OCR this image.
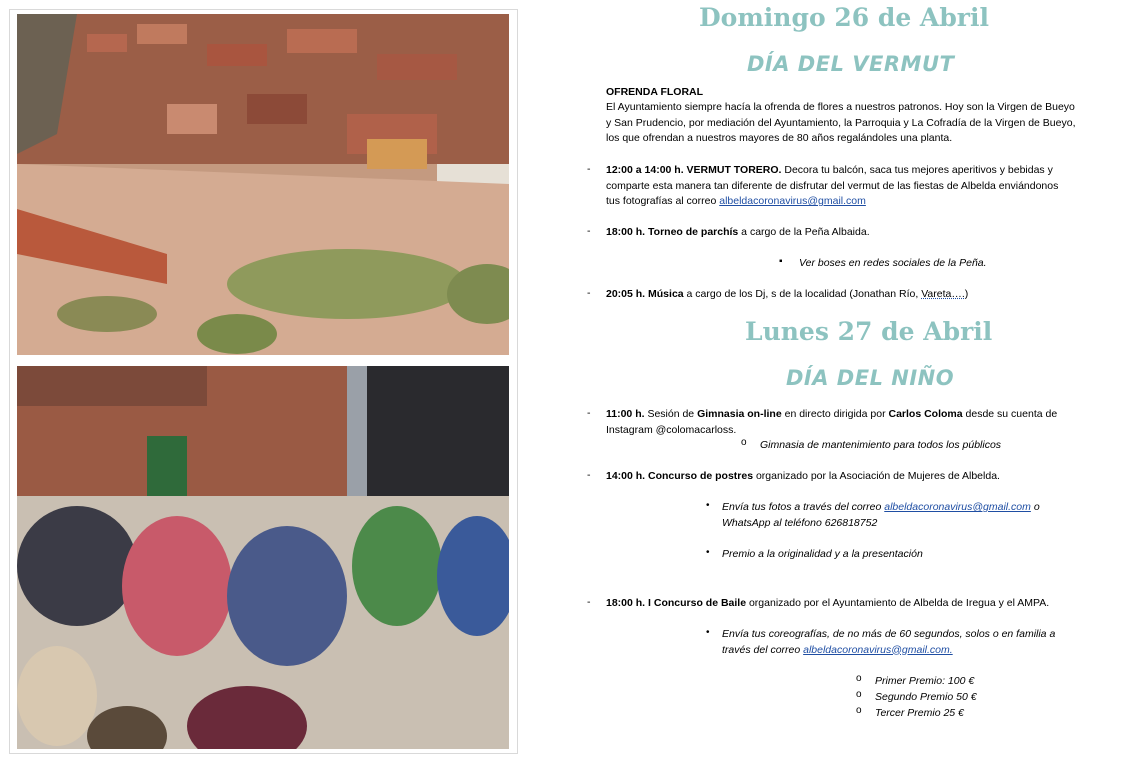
Domingo 26 de Abril
DÍA DEL VERMUT
OFRENDA FLORAL
El Ayuntamiento siempre hacía la ofrenda de flores a nuestros patronos. Hoy son la Virgen de Bueyo
y San Prudencio, por mediación del Ayuntamiento, la Parroquia y La Cofradía de la Virgen de Bueyo,
los que ofrendan a nuestros mayores de 80 años regalándoles una planta.
- 12:00 a 14:00 h. VERMUT TORERO. Decora tu balcón, saca tus mejores aperitivos y bebidas y
comparte esta manera tan diferente de disfrutar del vermut de las fiestas de Albelda enviándonos
tus fotografías al correo albeldacoronavirus@gmail.com
- 18:00 h. Torneo de parchís a cargo de la Peña Albaida.
▪ Ver boses en redes sociales de la Peña.
- 20:05 h. Música a cargo de los Dj, s de la localidad (Jonathan Río, Vareta….)
Lunes 27 de Abril
DÍA DEL NIÑO
- 11:00 h. Sesión de Gimnasia on-line en directo dirigida por Carlos Coloma desde su cuenta de
Instagram @colomacarloss.
o Gimnasia de mantenimiento para todos los públicos
- 14:00 h. Concurso de postres organizado por la Asociación de Mujeres de Albelda.
• Envía tus fotos a través del correo albeldacoronavirus@gmail.com o
WhatsApp al teléfono 626818752
• Premio a la originalidad y a la presentación
- 18:00 h. I Concurso de Baile organizado por el Ayuntamiento de Albelda de Iregua y el AMPA.
• Envía tus coreografías, de no más de 60 segundos, solos o en familia a
través del correo albeldacoronavirus@gmail.com.
o Primer Premio: 100 €
o Segundo Premio 50 €
o Tercer Premio 25 €
